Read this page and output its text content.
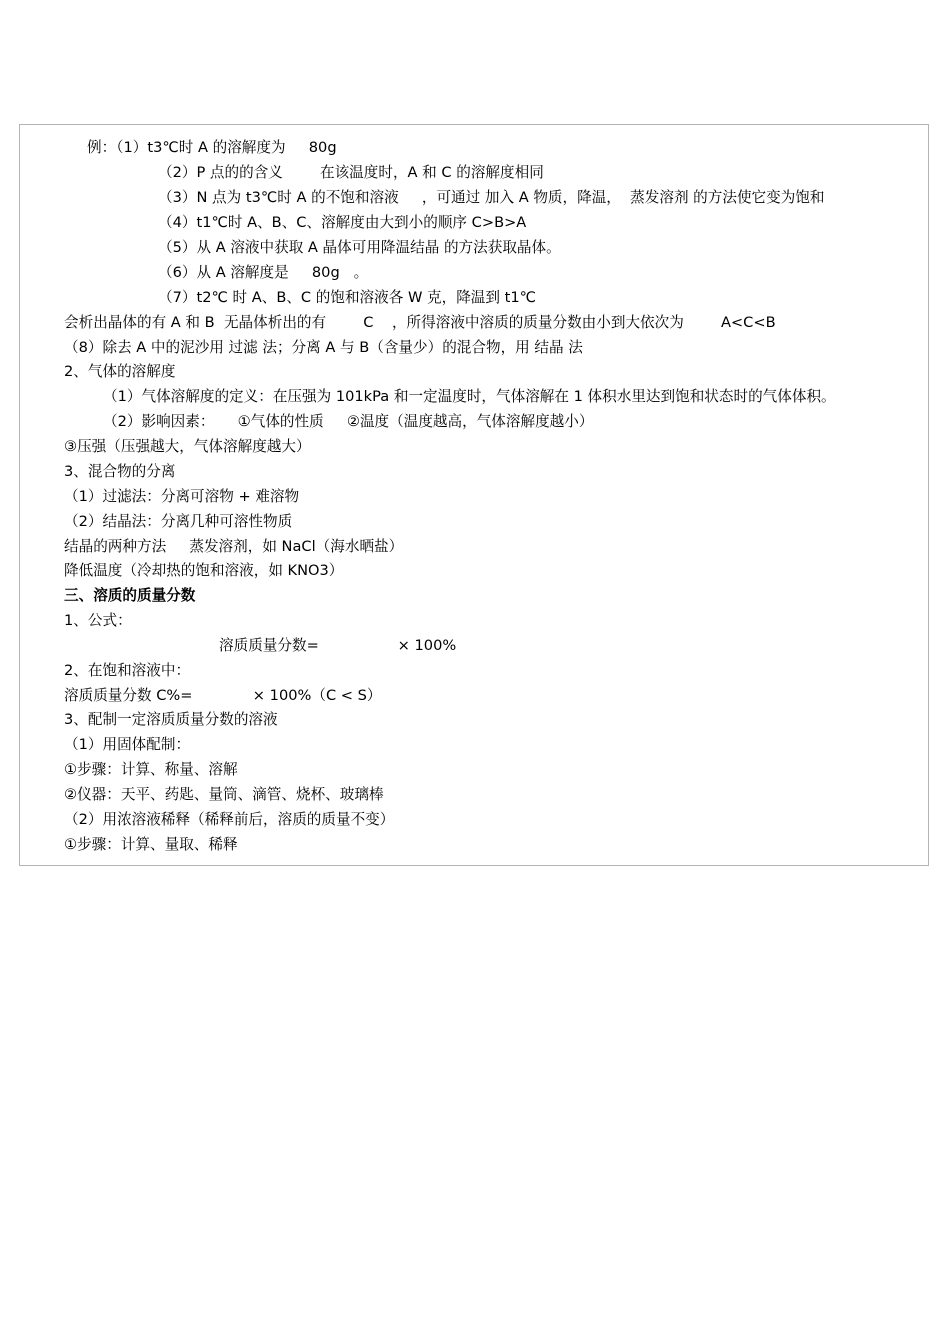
例：（1）t3℃时 A 的溶解度为     80g
（2）P 点的的含义        在该温度时，A 和 C 的溶解度相同
（3）N 点为 t3℃时 A 的不饱和溶液     ，可通过 加入 A 物质，降温，  蒸发溶剂 的方法使它变为饱和
（4）t1℃时 A、B、C、溶解度由大到小的顺序 C>B>A
（5）从 A 溶液中获取 A 晶体可用降温结晶 的方法获取晶体。
（6）从 A 溶解度是     80g   。
（7）t2℃ 时 A、B、C 的饱和溶液各 W 克，降温到 t1℃
会析出晶体的有 A 和 B  无晶体析出的有        C    ，所得溶液中溶质的质量分数由小到大依次为        A<C<B
（8）除去 A 中的泥沙用 过滤 法；分离 A 与 B（含量少）的混合物，用 结晶 法
2、气体的溶解度
（1）气体溶解度的定义：在压强为 101kPa 和一定温度时，气体溶解在 1 体积水里达到饱和状态时的气体体积。
（2）影响因素：     ①气体的性质     ②温度（温度越高，气体溶解度越小）
③压强（压强越大，气体溶解度越大）
3、混合物的分离
（1）过滤法：分离可溶物 + 难溶物
（2）结晶法：分离几种可溶性物质
结晶的两种方法     蒸发溶剂，如 NaCl（海水晒盐）
降低温度（冷却热的饱和溶液，如 KNO3）
三、溶质的质量分数
1、公式：
溶质质量分数=                 × 100%
2、在饱和溶液中：
溶质质量分数 C%=             × 100%（C < S）
3、配制一定溶质质量分数的溶液
（1）用固体配制：
①步骤：计算、称量、溶解
②仪器：天平、药匙、量筒、滴管、烧杯、玻璃棒
（2）用浓溶液稀释（稀释前后，溶质的质量不变）
①步骤：计算、量取、稀释
